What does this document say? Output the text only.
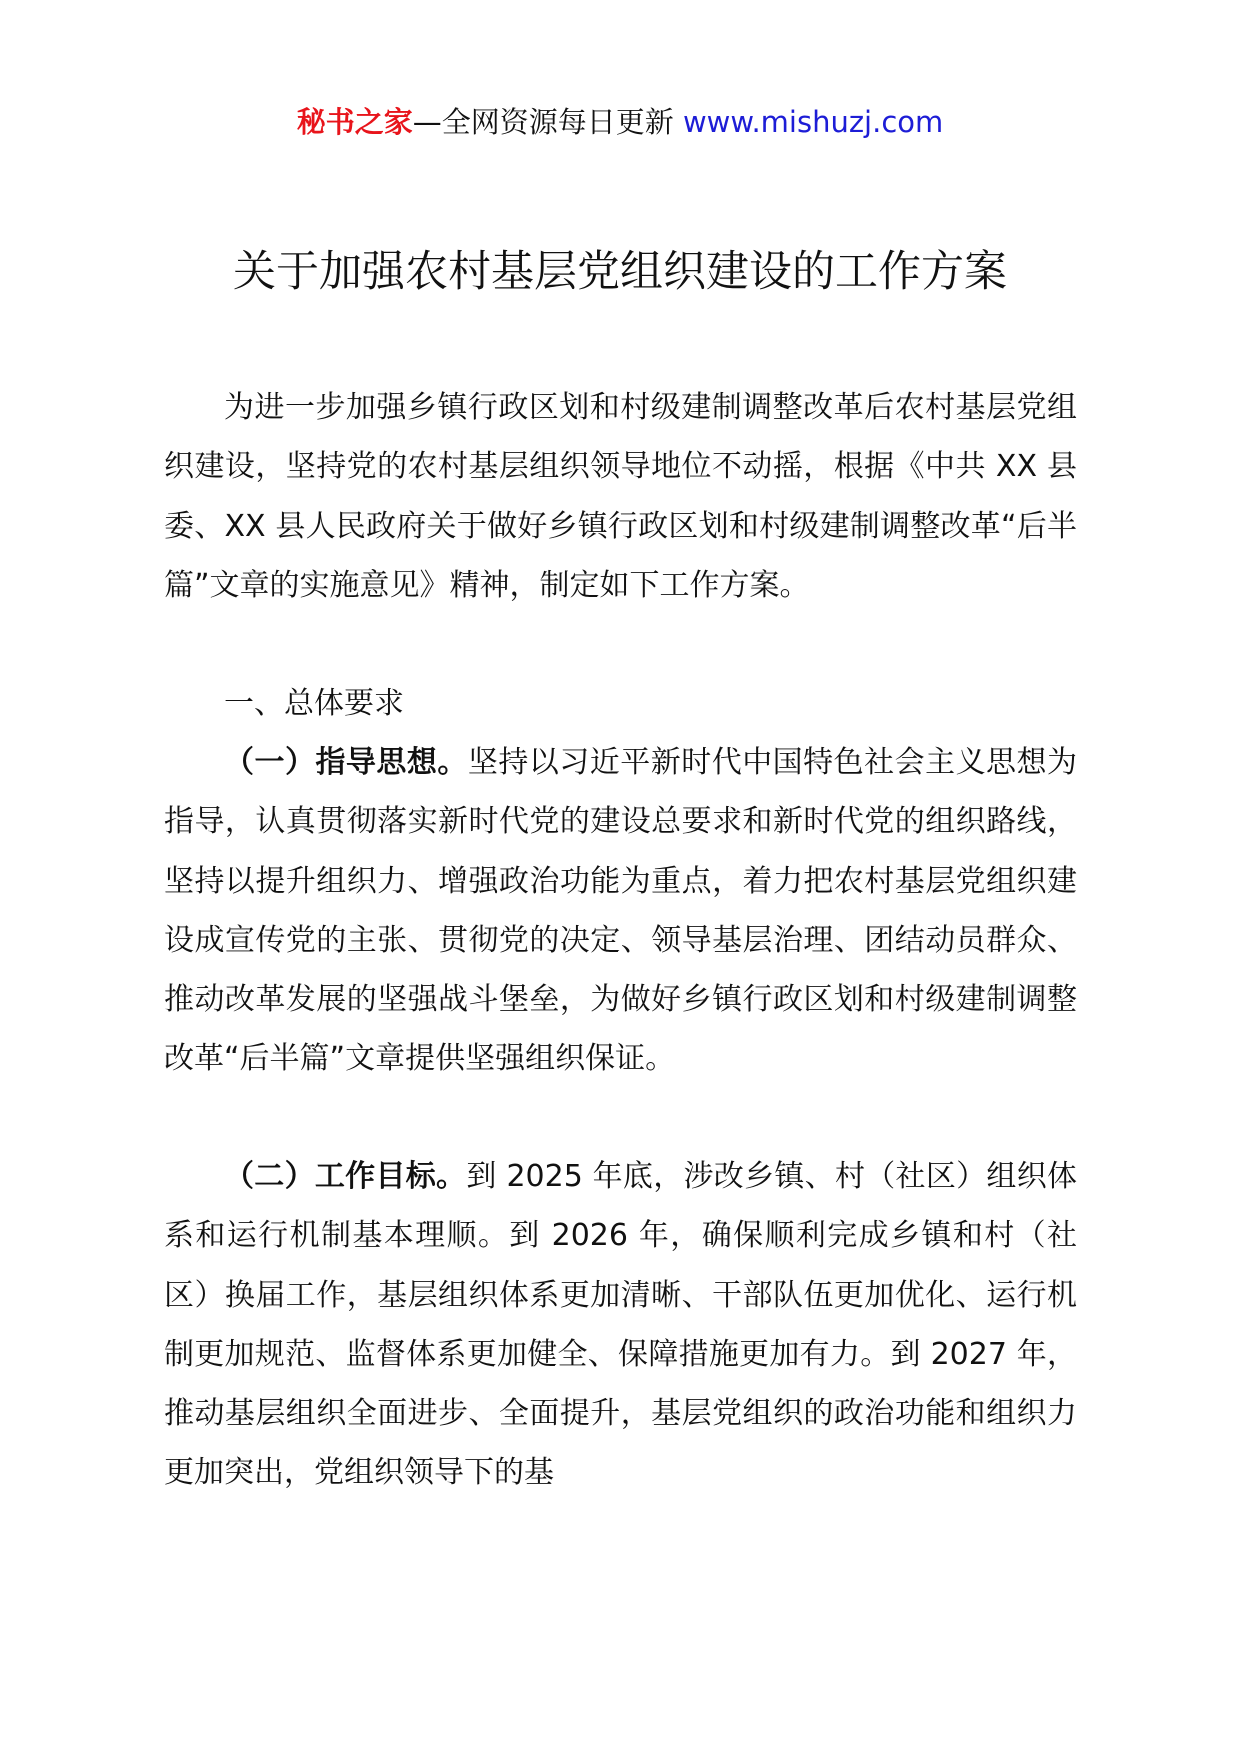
秘书之家—全网资源每日更新 www.mishuzj.com
关于加强农村基层党组织建设的工作方案

为进一步加强乡镇行政区划和村级建制调整改革后农村基层党组织建设，坚持党的农村基层组织领导地位不动摇，根据《中共 XX 县委、XX 县人民政府关于做好乡镇行政区划和村级建制调整改革“后半篇”文章的实施意见》精神，制定如下工作方案。

一、总体要求

（一）指导思想。坚持以习近平新时代中国特色社会主义思想为指导，认真贯彻落实新时代党的建设总要求和新时代党的组织路线，坚持以提升组织力、增强政治功能为重点，着力把农村基层党组织建设成宣传党的主张、贯彻党的决定、领导基层治理、团结动员群众、推动改革发展的坚强战斗堡垒，为做好乡镇行政区划和村级建制调整改革“后半篇”文章提供坚强组织保证。

（二）工作目标。到 2025 年底，涉改乡镇、村（社区）组织体系和运行机制基本理顺。到 2026 年，确保顺利完成乡镇和村（社区）换届工作，基层组织体系更加清晰、干部队伍更加优化、运行机制更加规范、监督体系更加健全、保障措施更加有力。到 2027 年，推动基层组织全面进步、全面提升，基层党组织的政治功能和组织力更加突出，党组织领导下的基
